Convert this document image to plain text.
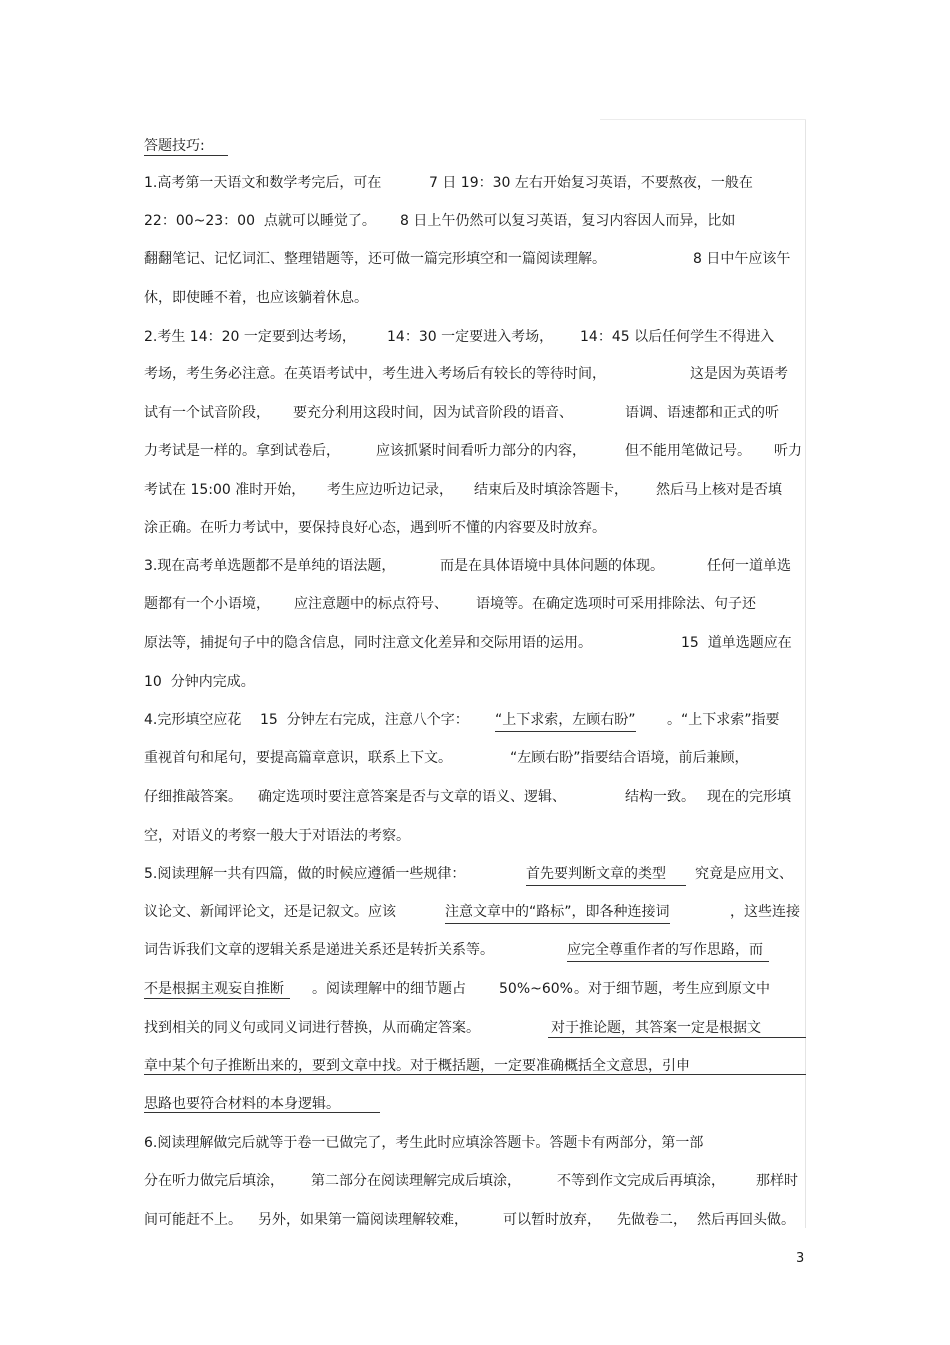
答题技巧:
1.高考第一天语文和数学考完后，可在	7 日 19：30 左右开始复习英语，不要熬夜，一般在
22：00~23：00  点就可以睡觉了。 8 日上午仍然可以复习英语，复习内容因人而异，比如
翻翻笔记、记忆词汇、整理错题等，还可做一篇完形填空和一篇阅读理解。	8 日中午应该午
休，即使睡不着，也应该躺着休息。
2.考生 14：20 一定要到达考场， 14：30 一定要进入考场， 14：45 以后任何学生不得进入
考场，考生务必注意。在英语考试中，考生进入考场后有较长的等待时间，	这是因为英语考
试有一个试音阶段， 要充分利用这段时间，因为试音阶段的语音、	语调、语速都和正式的听
力考试是一样的。拿到试卷后，	应该抓紧时间看听力部分的内容，	但不能用笔做记号。 听力
考试在 15:00 准时开始， 考生应边听边记录， 结束后及时填涂答题卡， 然后马上核对是否填
涂正确。在听力考试中，要保持良好心态，遇到听不懂的内容要及时放弃。
3.现在高考单选题都不是单纯的语法题，	而是在具体语境中具体问题的体现。	任何一道单选
题都有一个小语境， 应注意题中的标点符号、 语境等。在确定选项时可采用排除法、句子还
原法等，捕捉句子中的隐含信息，同时注意文化差异和交际用语的运用。	15  道单选题应在
10  分钟内完成。
4.完形填空应花 15  分钟左右完成，注意八个字： “上下求索，左顾右盼” 。“上下求索”指要
重视首句和尾句，要提高篇章意识，联系上下文。	“左顾右盼”指要结合语境，前后兼顾，
仔细推敲答案。 确定选项时要注意答案是否与文章的语义、逻辑、	结构一致。 现在的完形填
空，对语义的考察一般大于对语法的考察。
5.阅读理解一共有四篇，做的时候应遵循一些规律：	首先要判断文章的类型	究竟是应用文、
议论文、新闻评论文，还是记叙文。应该	注意文章中的“路标”，即各种连接词	，这些连接
词告诉我们文章的逻辑关系是递进关系还是转折关系等。	应完全尊重作者的写作思路，而
不是根据主观妄自推断 。阅读理解中的细节题占 50%~60% 。对于细节题，考生应到原文中
找到相关的同义句或同义词进行替换，从而确定答案。	对于推论题，其答案一定是根据文
章中某个句子推断出来的，要到文章中找。对于概括题，一定要准确概括全文意思，引申
思路也要符合材料的本身逻辑。
6.阅读理解做完后就等于卷一已做完了，考生此时应填涂答题卡。答题卡有两部分，第一部
分在听力做完后填涂， 第二部分在阅读理解完成后填涂，	不等到作文完成后再填涂， 那样时
间可能赶不上。 另外，如果第一篇阅读理解较难，	可以暂时放弃， 先做卷二， 然后再回头做。
3
